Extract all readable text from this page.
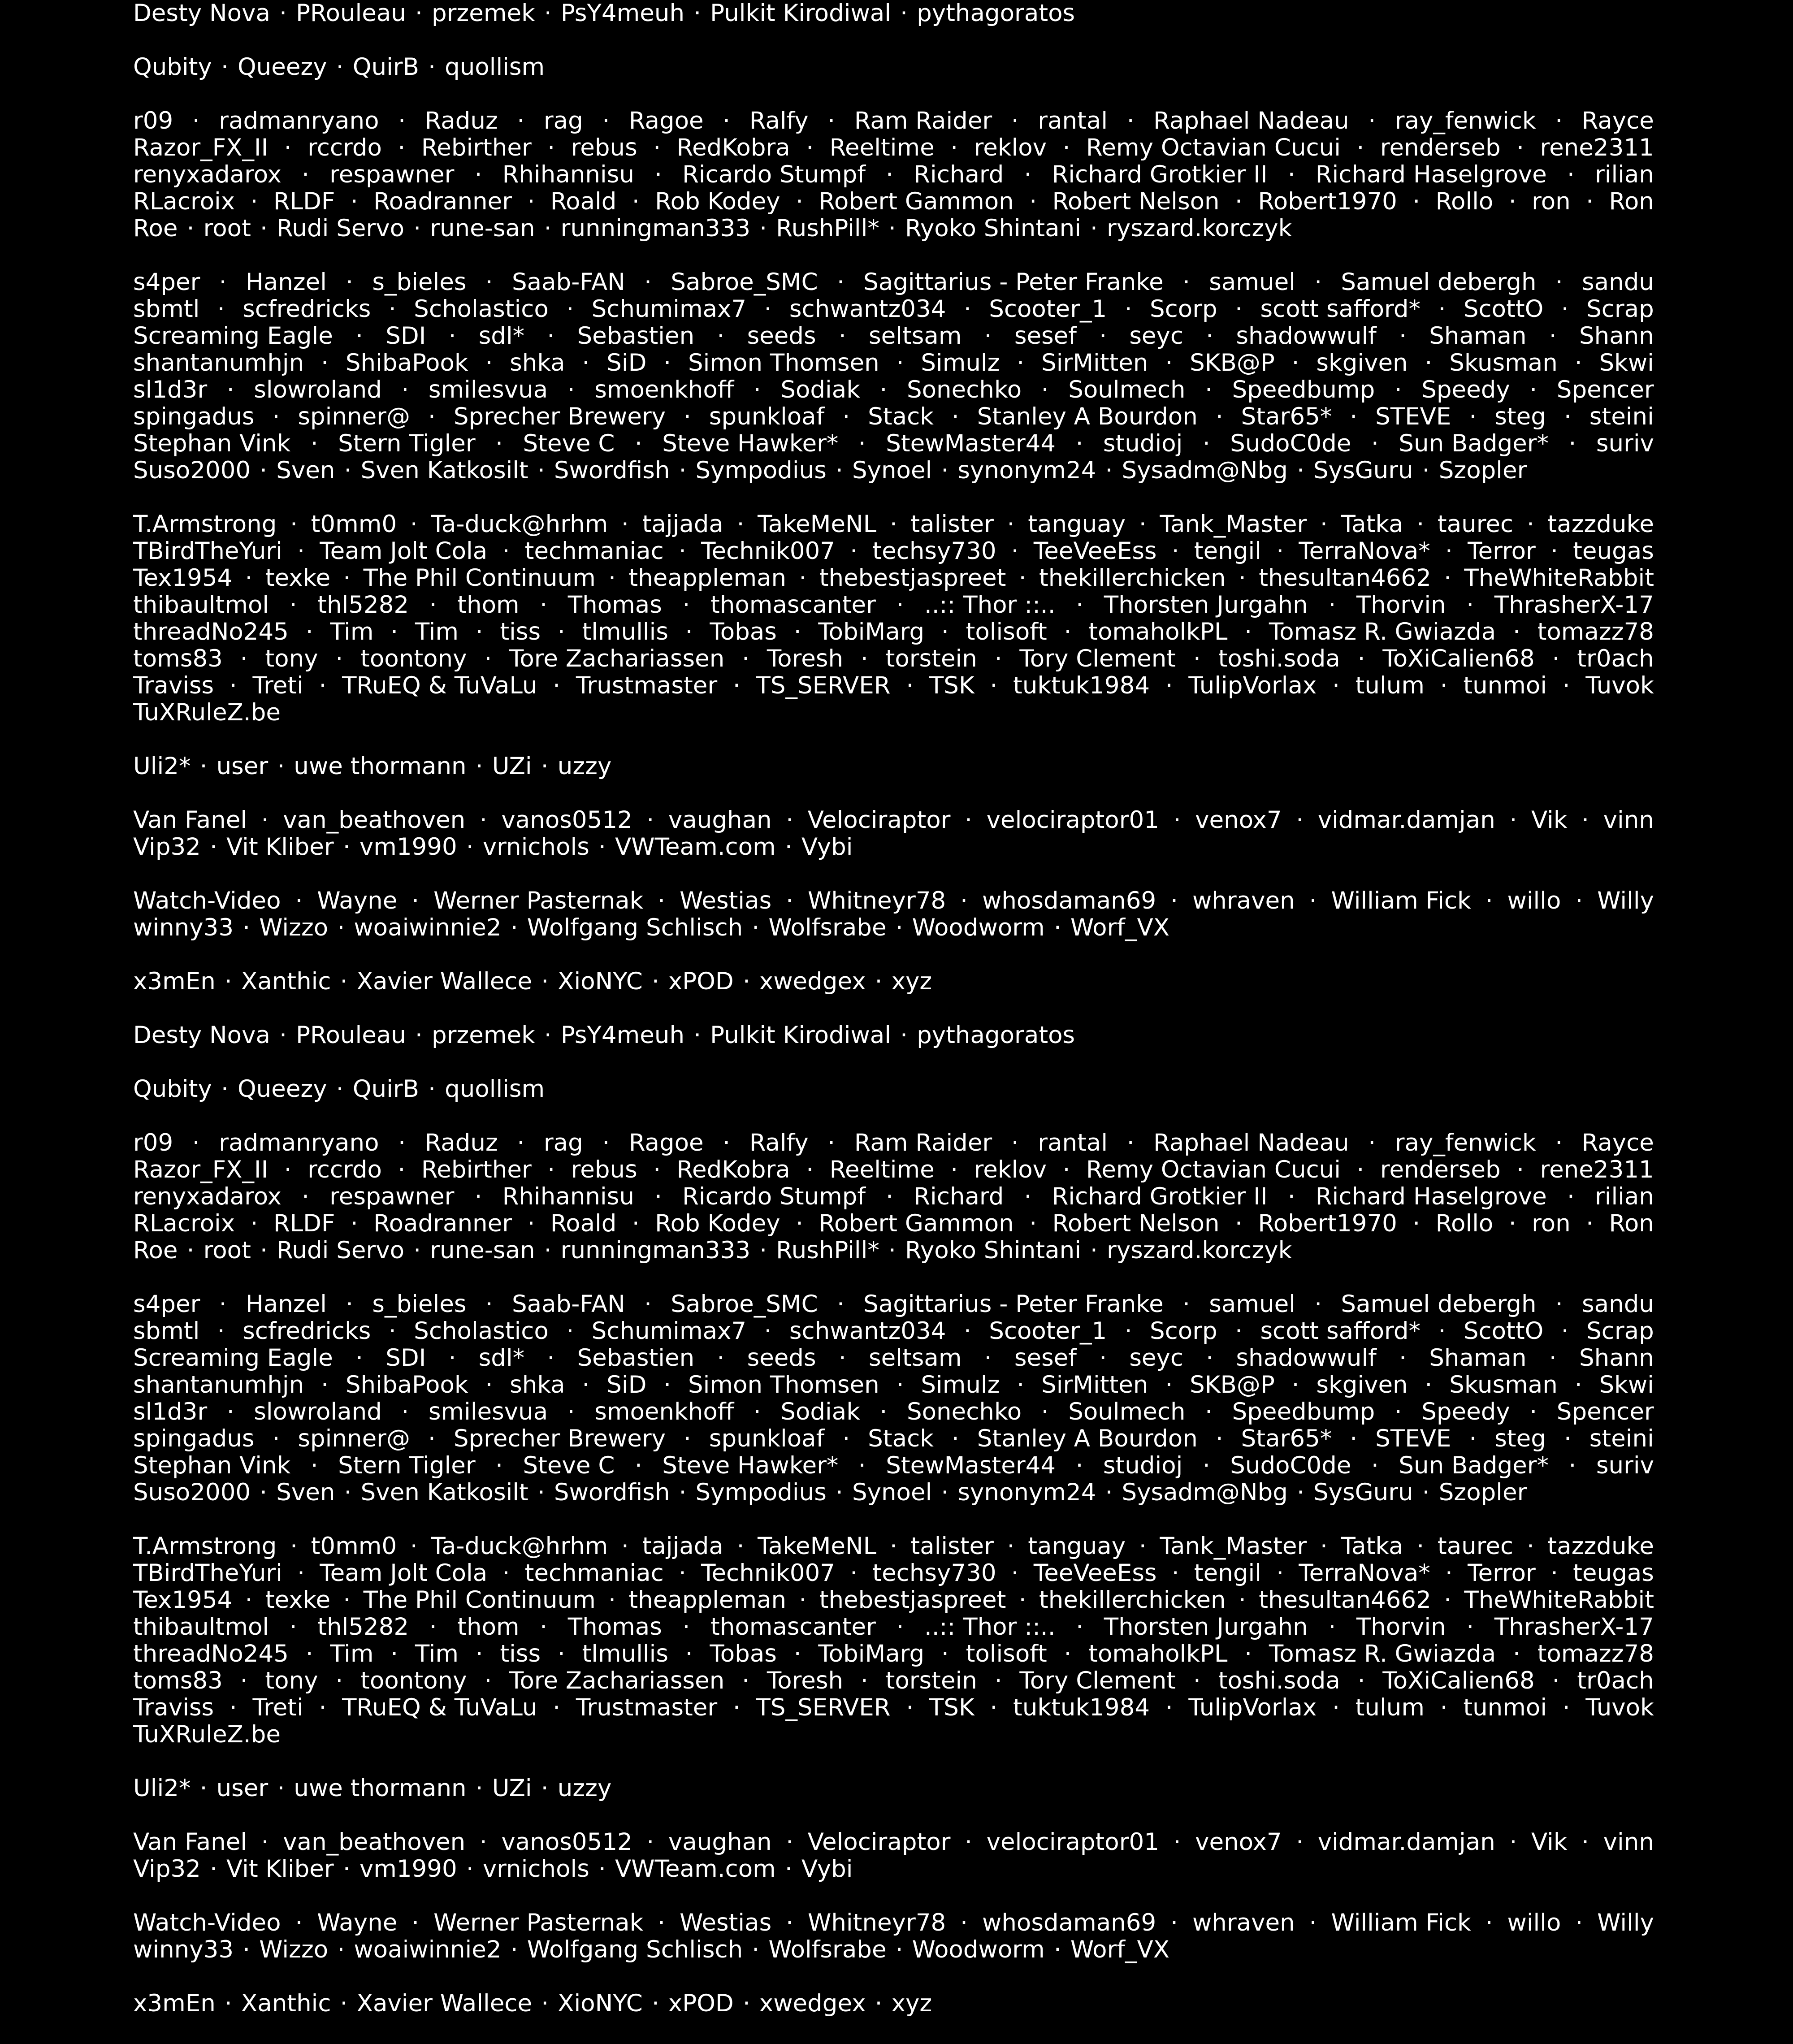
Desty Nova · PRouleau · przemek · PsY4meuh · Pulkit Kirodiwal · pythagoratos
Qubity · Queezy · QuirB · quollism
r09 · radmanryano · Raduz · rag · Ragoe · Ralfy · Ram Raider · rantal · Raphael Nadeau · ray_fenwick · Rayce
Razor_FX_II · rccrdo · Rebirther · rebus · RedKobra · Reeltime · reklov · Remy Octavian Cucui · renderseb · rene2311
renyxadarox · respawner · Rhihannisu · Ricardo Stumpf · Richard · Richard Grotkier II · Richard Haselgrove · rilian
RLacroix · RLDF · Roadranner · Roald · Rob Kodey · Robert Gammon · Robert Nelson · Robert1970 · Rollo · ron · Ron
Roe · root · Rudi Servo · rune-san · runningman333 · RushPill* · Ryoko Shintani · ryszard.korczyk
s4per · Hanzel · s_bieles · Saab-FAN · Sabroe_SMC · Sagittarius - Peter Franke · samuel · Samuel debergh · sandu
sbmtl · scfredricks · Scholastico · Schumimax7 · schwantz034 · Scooter_1 · Scorp · scott safford* · ScottO · Scrap
Screaming Eagle · SDI · sdl* · Sebastien · seeds · seltsam · sesef · seyc · shadowwulf · Shaman · Shann
shantanumhjn · ShibaPook · shka · SiD · Simon Thomsen · Simulz · SirMitten · SKB@P · skgiven · Skusman · Skwi
sl1d3r · slowroland · smilesvua · smoenkhoff · Sodiak · Sonechko · Soulmech · Speedbump · Speedy · Spencer
spingadus · spinner@ · Sprecher Brewery · spunkloaf · Stack · Stanley A Bourdon · Star65* · STEVE · steg · steini
Stephan Vink · Stern Tigler · Steve C · Steve Hawker* · StewMaster44 · studioj · SudoC0de · Sun Badger* · suriv
Suso2000 · Sven · Sven Katkosilt · Swordfish · Sympodius · Synoel · synonym24 · Sysadm@Nbg · SysGuru · Szopler
T.Armstrong · t0mm0 · Ta-duck@hrhm · tajjada · TakeMeNL · talister · tanguay · Tank_Master · Tatka · taurec · tazzduke
TBirdTheYuri · Team Jolt Cola · techmaniac · Technik007 · techsy730 · TeeVeeEss · tengil · TerraNova* · Terror · teugas
Tex1954 · texke · The Phil Continuum · theappleman · thebestjaspreet · thekillerchicken · thesultan4662 · TheWhiteRabbit
thibaultmol · thl5282 · thom · Thomas · thomascanter · ..:: Thor ::.. · Thorsten Jurgahn · Thorvin · ThrasherX-17
threadNo245 · Tim · Tim · tiss · tlmullis · Tobas · TobiMarg · tolisoft · tomaholkPL · Tomasz R. Gwiazda · tomazz78
toms83 · tony · toontony · Tore Zachariassen · Toresh · torstein · Tory Clement · toshi.soda · ToXiCalien68 · tr0ach
Traviss · Treti · TRuEQ & TuVaLu · Trustmaster · TS_SERVER · TSK · tuktuk1984 · TulipVorlax · tulum · tunmoi · Tuvok
TuXRuleZ.be
Uli2* · user · uwe thormann · UZi · uzzy
Van Fanel · van_beathoven · vanos0512 · vaughan · Velociraptor · velociraptor01 · venox7 · vidmar.damjan · Vik · vinn
Vip32 · Vit Kliber · vm1990 · vrnichols · VWTeam.com · Vybi
Watch-Video · Wayne · Werner Pasternak · Westias · Whitneyr78 · whosdaman69 · whraven · William Fick · willo · Willy
winny33 · Wizzo · woaiwinnie2 · Wolfgang Schlisch · Wolfsrabe · Woodworm · Worf_VX
x3mEn · Xanthic · Xavier Wallece · XioNYC · xPOD · xwedgex · xyz
Desty Nova · PRouleau · przemek · PsY4meuh · Pulkit Kirodiwal · pythagoratos
Qubity · Queezy · QuirB · quollism
r09 · radmanryano · Raduz · rag · Ragoe · Ralfy · Ram Raider · rantal · Raphael Nadeau · ray_fenwick · Rayce
Razor_FX_II · rccrdo · Rebirther · rebus · RedKobra · Reeltime · reklov · Remy Octavian Cucui · renderseb · rene2311
renyxadarox · respawner · Rhihannisu · Ricardo Stumpf · Richard · Richard Grotkier II · Richard Haselgrove · rilian
RLacroix · RLDF · Roadranner · Roald · Rob Kodey · Robert Gammon · Robert Nelson · Robert1970 · Rollo · ron · Ron
Roe · root · Rudi Servo · rune-san · runningman333 · RushPill* · Ryoko Shintani · ryszard.korczyk
s4per · Hanzel · s_bieles · Saab-FAN · Sabroe_SMC · Sagittarius - Peter Franke · samuel · Samuel debergh · sandu
sbmtl · scfredricks · Scholastico · Schumimax7 · schwantz034 · Scooter_1 · Scorp · scott safford* · ScottO · Scrap
Screaming Eagle · SDI · sdl* · Sebastien · seeds · seltsam · sesef · seyc · shadowwulf · Shaman · Shann
shantanumhjn · ShibaPook · shka · SiD · Simon Thomsen · Simulz · SirMitten · SKB@P · skgiven · Skusman · Skwi
sl1d3r · slowroland · smilesvua · smoenkhoff · Sodiak · Sonechko · Soulmech · Speedbump · Speedy · Spencer
spingadus · spinner@ · Sprecher Brewery · spunkloaf · Stack · Stanley A Bourdon · Star65* · STEVE · steg · steini
Stephan Vink · Stern Tigler · Steve C · Steve Hawker* · StewMaster44 · studioj · SudoC0de · Sun Badger* · suriv
Suso2000 · Sven · Sven Katkosilt · Swordfish · Sympodius · Synoel · synonym24 · Sysadm@Nbg · SysGuru · Szopler
T.Armstrong · t0mm0 · Ta-duck@hrhm · tajjada · TakeMeNL · talister · tanguay · Tank_Master · Tatka · taurec · tazzduke
TBirdTheYuri · Team Jolt Cola · techmaniac · Technik007 · techsy730 · TeeVeeEss · tengil · TerraNova* · Terror · teugas
Tex1954 · texke · The Phil Continuum · theappleman · thebestjaspreet · thekillerchicken · thesultan4662 · TheWhiteRabbit
thibaultmol · thl5282 · thom · Thomas · thomascanter · ..:: Thor ::.. · Thorsten Jurgahn · Thorvin · ThrasherX-17
threadNo245 · Tim · Tim · tiss · tlmullis · Tobas · TobiMarg · tolisoft · tomaholkPL · Tomasz R. Gwiazda · tomazz78
toms83 · tony · toontony · Tore Zachariassen · Toresh · torstein · Tory Clement · toshi.soda · ToXiCalien68 · tr0ach
Traviss · Treti · TRuEQ & TuVaLu · Trustmaster · TS_SERVER · TSK · tuktuk1984 · TulipVorlax · tulum · tunmoi · Tuvok
TuXRuleZ.be
Uli2* · user · uwe thormann · UZi · uzzy
Van Fanel · van_beathoven · vanos0512 · vaughan · Velociraptor · velociraptor01 · venox7 · vidmar.damjan · Vik · vinn
Vip32 · Vit Kliber · vm1990 · vrnichols · VWTeam.com · Vybi
Watch-Video · Wayne · Werner Pasternak · Westias · Whitneyr78 · whosdaman69 · whraven · William Fick · willo · Willy
winny33 · Wizzo · woaiwinnie2 · Wolfgang Schlisch · Wolfsrabe · Woodworm · Worf_VX
x3mEn · Xanthic · Xavier Wallece · XioNYC · xPOD · xwedgex · xyz
